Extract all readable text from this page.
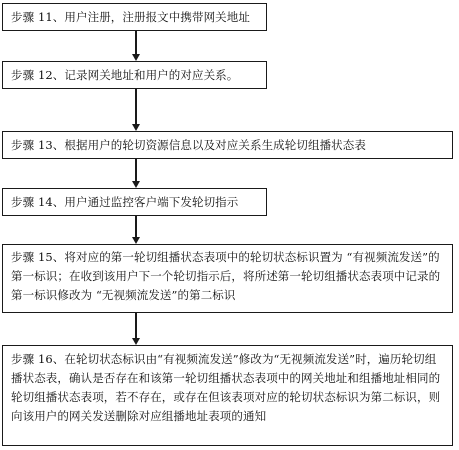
步骤 11、用户注册，注册报文中携带网关地址
步骤 12、记录网关地址和用户的对应关系。
步骤 13、根据用户的轮切资源信息以及对应关系生成轮切组播状态表
步骤 14、用户通过监控客户端下发轮切指示
步骤 15、将对应的第一轮切组播状态表项中的轮切状态标识置为 “有视频流发送”的第一标识；在收到该用户下一个轮切指示后，将所述第一轮切组播状态表项中记录的第一标识修改为 “无视频流发送”的第二标识
步骤 16、在轮切状态标识由“有视频流发送”修改为“无视频流发送”时，遍历轮切组播状态表，确认是否存在和该第一轮切组播状态表项中的网关地址和组播地址相同的轮切组播状态表项，若不存在，或存在但该表项对应的轮切状态标识为第二标识，则向该用户的网关发送删除对应组播地址表项的通知
